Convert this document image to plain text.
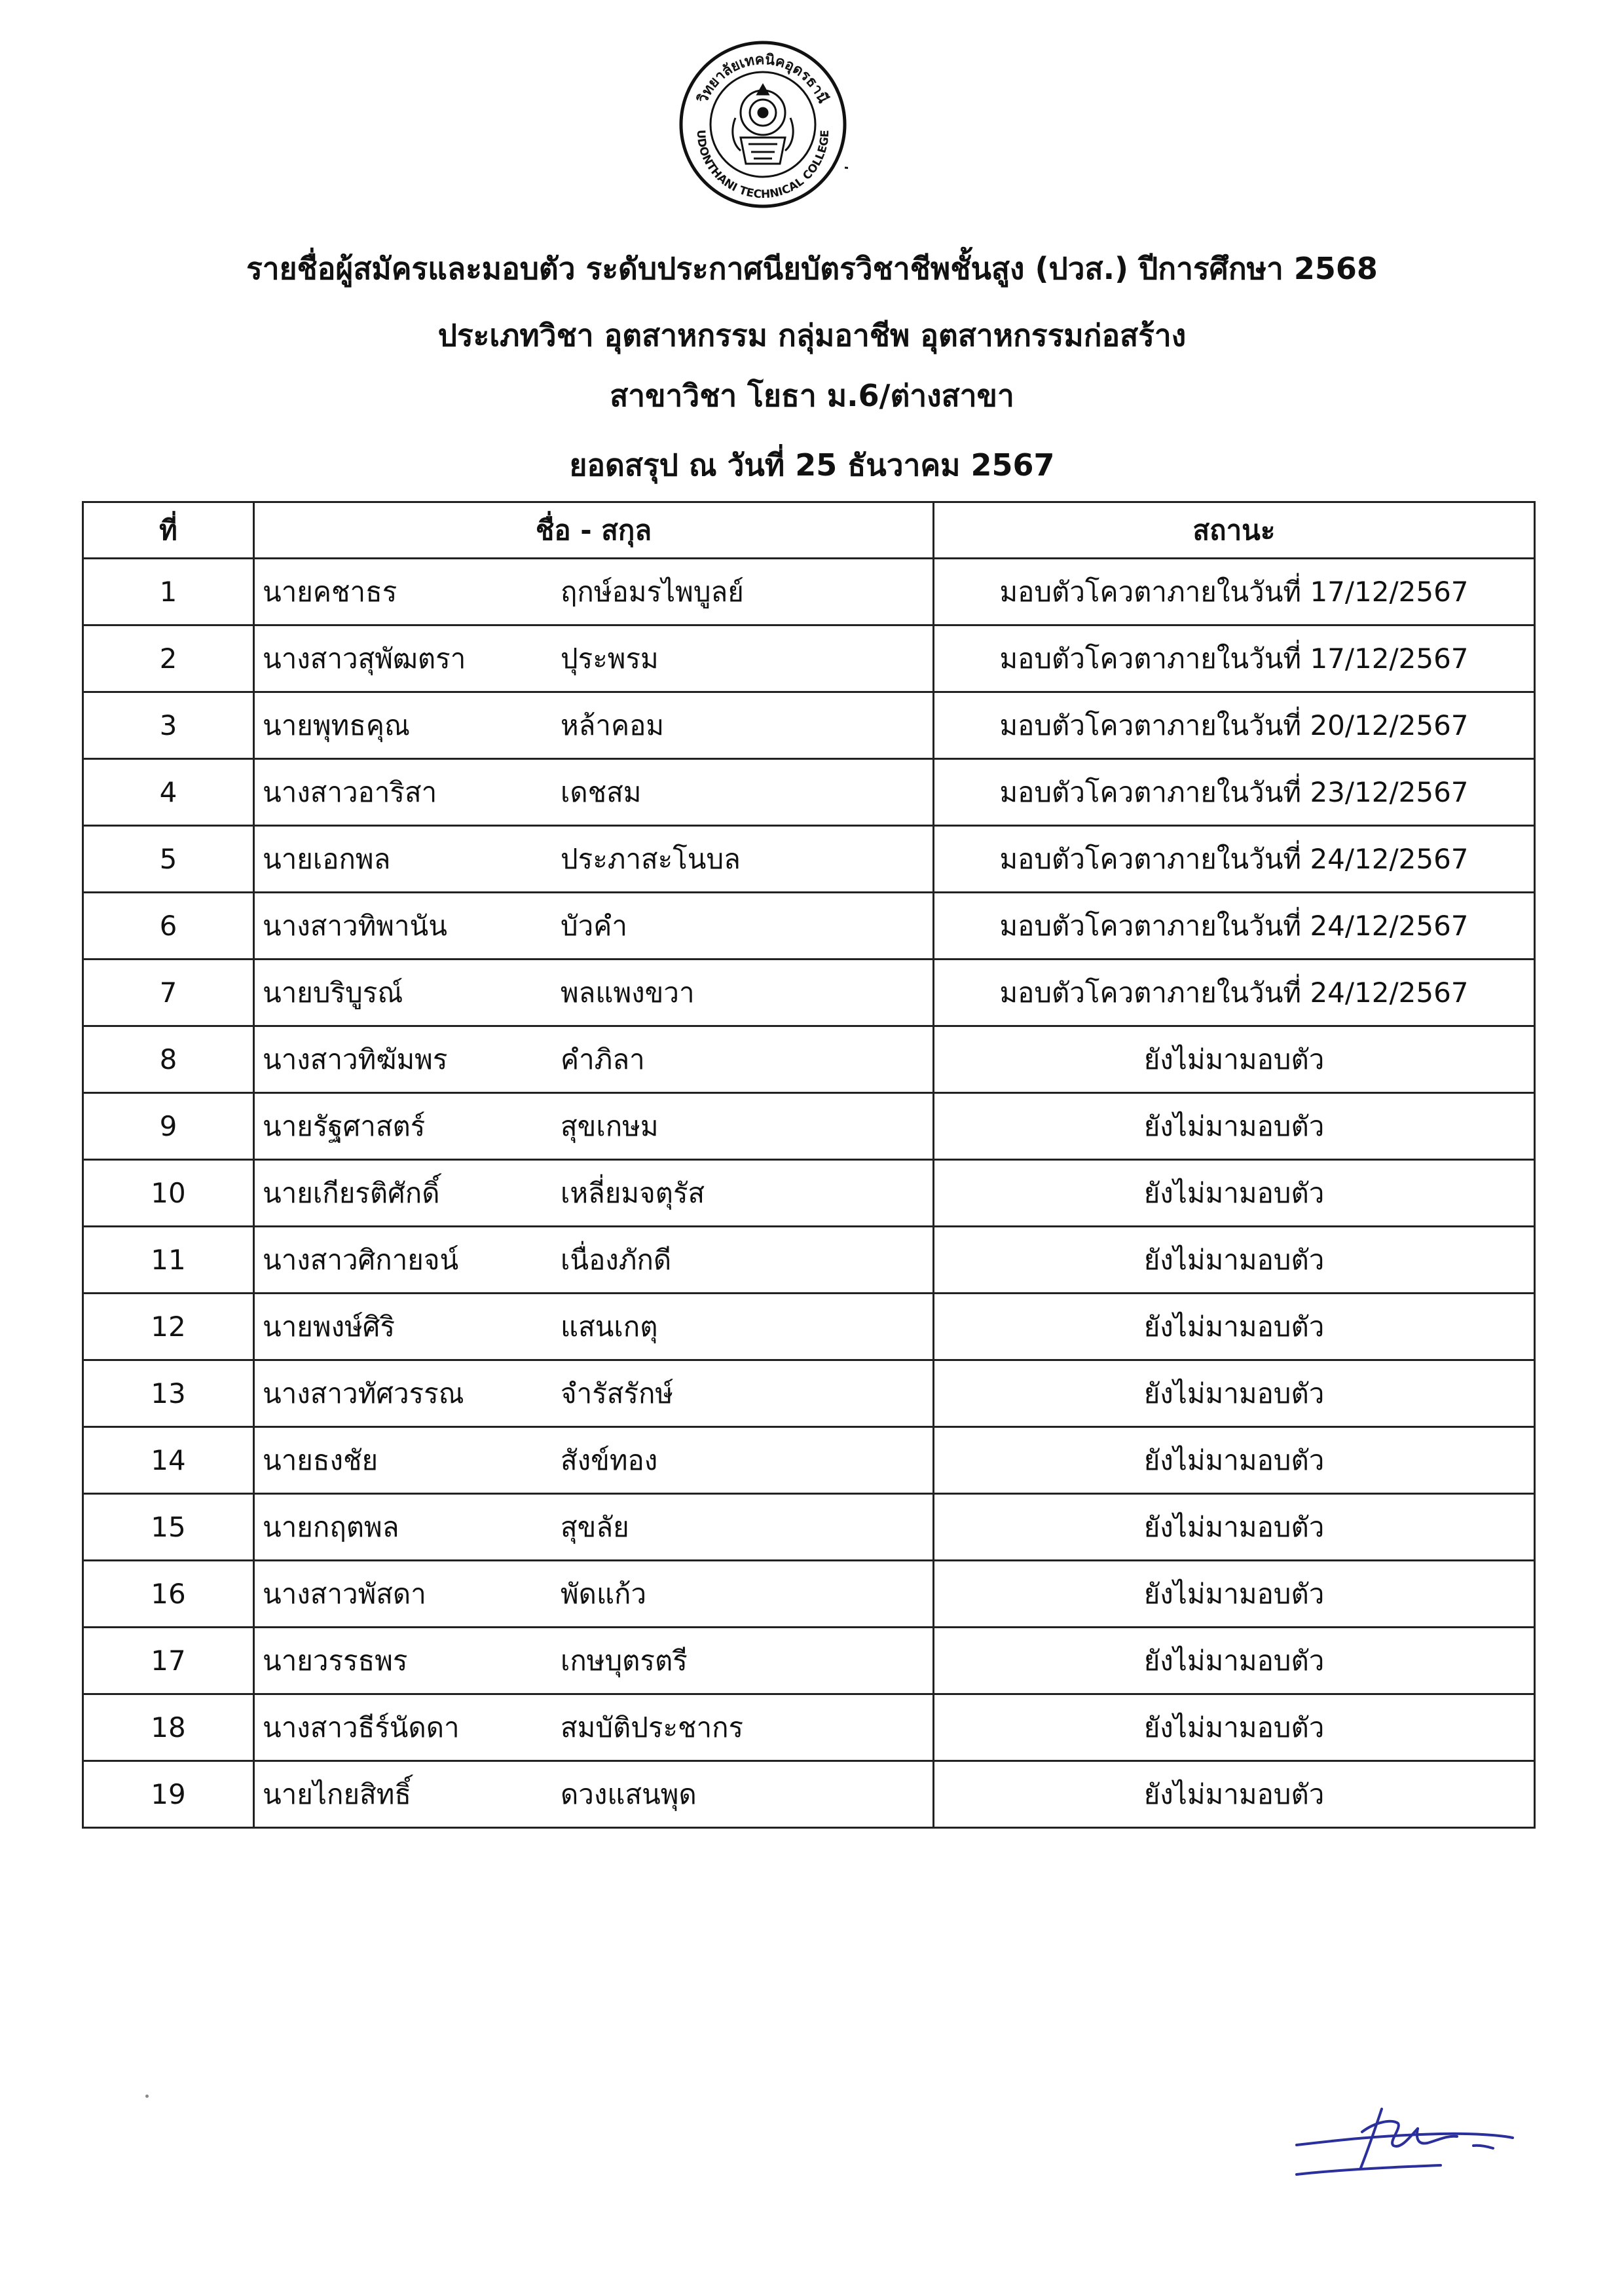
วิทยาลัยเทคนิคอุดรธานี
UDONTHANI TECHNICAL COLLEGE
รายชื่อผู้สมัครและมอบตัว ระดับประกาศนียบัตรวิชาชีพชั้นสูง (ปวส.) ปีการศึกษา 2568
ประเภทวิชา อุตสาหกรรม กลุ่มอาชีพ อุตสาหกรรมก่อสร้าง
สาขาวิชา โยธา ม.6/ต่างสาขา
ยอดสรุป ณ วันที่ 25 ธันวาคม 2567
ที่	ชื่อ - สกุล	สถานะ
1	นายคชาธร ฤกษ์อมรไพบูลย์	มอบตัวโควตาภายในวันที่ 17/12/2567
2	นางสาวสุพัฒตรา ปุระพรม	มอบตัวโควตาภายในวันที่ 17/12/2567
3	นายพุทธคุณ หล้าคอม	มอบตัวโควตาภายในวันที่ 20/12/2567
4	นางสาวอาริสา เดชสม	มอบตัวโควตาภายในวันที่ 23/12/2567
5	นายเอกพล ประภาสะโนบล	มอบตัวโควตาภายในวันที่ 24/12/2567
6	นางสาวทิพานัน บัวคำ	มอบตัวโควตาภายในวันที่ 24/12/2567
7	นายบริบูรณ์ พลแพงขวา	มอบตัวโควตาภายในวันที่ 24/12/2567
8	นางสาวทิฆัมพร คำภิลา	ยังไม่มามอบตัว
9	นายรัฐศาสตร์ สุขเกษม	ยังไม่มามอบตัว
10	นายเกียรติศักดิ์ เหลี่ยมจตุรัส	ยังไม่มามอบตัว
11	นางสาวศิกายจน์ เนื่องภักดี	ยังไม่มามอบตัว
12	นายพงษ์ศิริ แสนเกตุ	ยังไม่มามอบตัว
13	นางสาวทัศวรรณ จำรัสรักษ์	ยังไม่มามอบตัว
14	นายธงชัย สังข์ทอง	ยังไม่มามอบตัว
15	นายกฤตพล สุขลัย	ยังไม่มามอบตัว
16	นางสาวพัสดา พัดแก้ว	ยังไม่มามอบตัว
17	นายวรรธพร เกษบุตรตรี	ยังไม่มามอบตัว
18	นางสาวธีร์นัดดา สมบัติประชากร	ยังไม่มามอบตัว
19	นายไกยสิทธิ์ ดวงแสนพุด	ยังไม่มามอบตัว
